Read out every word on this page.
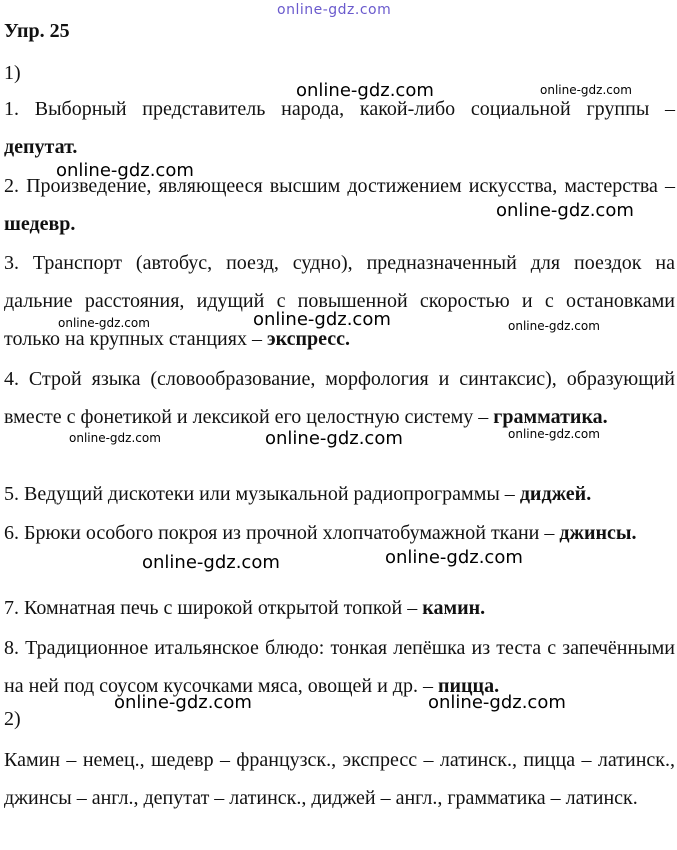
Упр. 25
1)
1. Выборный представитель народа, какой-либо социальной группы – депутат.
2. Произведение, являющееся высшим достижением искусства, мастерства – шедевр.
3. Транспорт (автобус, поезд, судно), предназначенный для поездок на дальние расстояния, идущий с повышенной скоростью и с остановками только на крупных станциях – экспресс.
4. Строй языка (словообразование, морфология и синтаксис), образующий вместе с фонетикой и лексикой его целостную систему – грамматика.
5. Ведущий дискотеки или музыкальной радиопрограммы – диджей.
6. Брюки особого покроя из прочной хлопчатобумажной ткани – джинсы.
7. Комнатная печь с широкой открытой топкой – камин.
8. Традиционное итальянское блюдо: тонкая лепёшка из теста с запечёнными на ней под соусом кусочками мяса, овощей и др. – пицца.
2)
Камин – немец., шедевр – французск., экспресс – латинск., пицца – латинск., джинсы – англ., депутат – латинск., диджей – англ., грамматика – латинск.
online-gdz.com
online-gdz.com	online-gdz.com
online-gdz.com
online-gdz.com
online-gdz.com	online-gdz.com	online-gdz.com
online-gdz.com	online-gdz.com	online-gdz.com
online-gdz.com	online-gdz.com
online-gdz.com	online-gdz.com
